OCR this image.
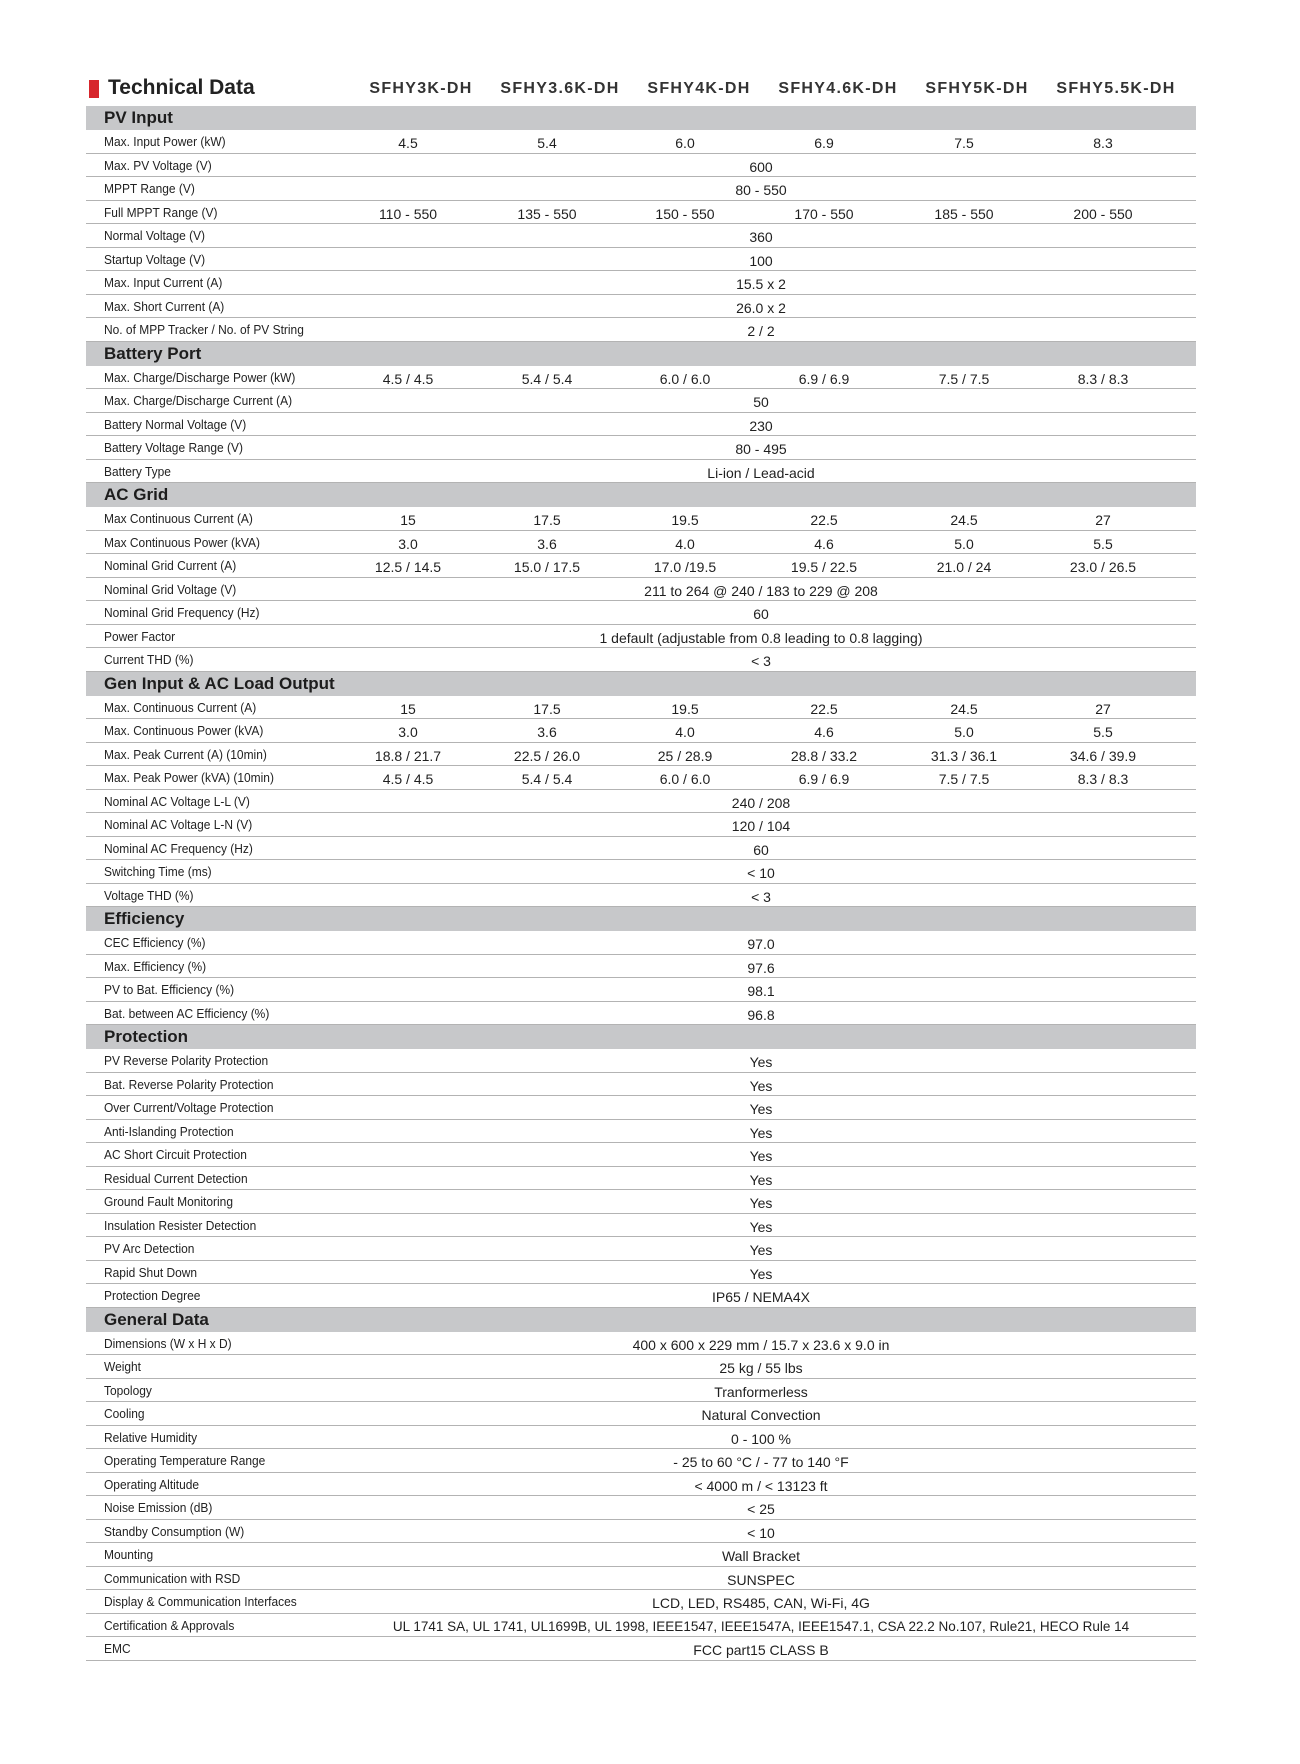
Technical Data	SFHY3K-DH	SFHY3.6K-DH	SFHY4K-DH	SFHY4.6K-DH	SFHY5K-DH	SFHY5.5K-DH
PV Input
Max. Input Power (kW)	4.5	5.4	6.0	6.9	7.5	8.3
Max. PV Voltage (V)	600
MPPT Range (V)	80 - 550
Full MPPT Range (V)	110 - 550	135 - 550	150 - 550	170 - 550	185 - 550	200 - 550
Normal Voltage (V)	360
Startup Voltage (V)	100
Max. Input Current (A)	15.5 x 2
Max. Short Current (A)	26.0 x 2
No. of MPP Tracker / No. of PV String	2 / 2
Battery Port
Max. Charge/Discharge Power (kW)	4.5 / 4.5	5.4 / 5.4	6.0 / 6.0	6.9 / 6.9	7.5 / 7.5	8.3 / 8.3
Max. Charge/Discharge Current (A)	50
Battery Normal Voltage (V)	230
Battery Voltage Range (V)	80 - 495
Battery Type	Li-ion / Lead-acid
AC Grid
Max Continuous Current (A)	15	17.5	19.5	22.5	24.5	27
Max Continuous Power (kVA)	3.0	3.6	4.0	4.6	5.0	5.5
Nominal Grid Current (A)	12.5 / 14.5	15.0 / 17.5	17.0 /19.5	19.5 / 22.5	21.0 / 24	23.0 / 26.5
Nominal Grid Voltage (V)	211 to 264 @ 240 / 183 to 229 @ 208
Nominal Grid Frequency (Hz)	60
Power Factor	1 default (adjustable from 0.8 leading to 0.8 lagging)
Current THD (%)	< 3
Gen Input & AC Load Output
Max. Continuous Current (A)	15	17.5	19.5	22.5	24.5	27
Max. Continuous Power (kVA)	3.0	3.6	4.0	4.6	5.0	5.5
Max. Peak Current (A) (10min)	18.8 / 21.7	22.5 / 26.0	25 / 28.9	28.8 / 33.2	31.3 / 36.1	34.6 / 39.9
Max. Peak Power (kVA) (10min)	4.5 / 4.5	5.4 / 5.4	6.0 / 6.0	6.9 / 6.9	7.5 / 7.5	8.3 / 8.3
Nominal AC Voltage L-L (V)	240 / 208
Nominal AC Voltage L-N (V)	120 / 104
Nominal AC Frequency (Hz)	60
Switching Time (ms)	< 10
Voltage THD (%)	< 3
Efficiency
CEC Efficiency (%)	97.0
Max. Efficiency (%)	97.6
PV to Bat. Efficiency (%)	98.1
Bat. between AC Efficiency (%)	96.8
Protection
PV Reverse Polarity Protection	Yes
Bat. Reverse Polarity Protection	Yes
Over Current/Voltage Protection	Yes
Anti-Islanding Protection	Yes
AC Short Circuit Protection	Yes
Residual Current Detection	Yes
Ground Fault Monitoring	Yes
Insulation Resister Detection	Yes
PV Arc Detection	Yes
Rapid Shut Down	Yes
Protection Degree	IP65 / NEMA4X
General Data
Dimensions (W x H x D)	400 x 600 x 229 mm / 15.7 x 23.6 x 9.0 in
Weight	25 kg / 55 lbs
Topology	Tranformerless
Cooling	Natural Convection
Relative Humidity	0 - 100 %
Operating Temperature Range	- 25 to 60 °C / - 77 to 140 °F
Operating Altitude	< 4000 m / < 13123 ft
Noise Emission (dB)	< 25
Standby Consumption (W)	< 10
Mounting	Wall Bracket
Communication with RSD	SUNSPEC
Display & Communication Interfaces	LCD, LED, RS485, CAN, Wi-Fi, 4G
Certification & Approvals	UL 1741 SA, UL 1741, UL1699B, UL 1998, IEEE1547, IEEE1547A, IEEE1547.1, CSA 22.2 No.107, Rule21, HECO Rule 14
EMC	FCC part15 CLASS B
